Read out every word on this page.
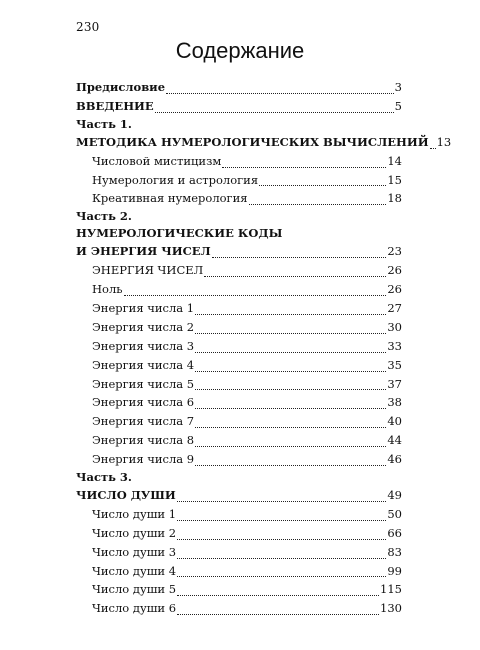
230
Содержание
Предисловие	3
ВВЕДЕНИЕ	5
Часть 1.
МЕТОДИКА НУМЕРОЛОГИЧЕСКИХ ВЫЧИСЛЕНИЙ 13
Числовой мистицизм	14
Нумерология и астрология	15
Креативная нумерология	18
Часть 2.
НУМЕРОЛОГИЧЕСКИЕ КОДЫ
И ЭНЕРГИЯ ЧИСЕЛ	23
ЭНЕРГИЯ ЧИСЕЛ	26
Ноль	26
Энергия числа 1	27
Энергия числа 2	30
Энергия числа 3	33
Энергия числа 4	35
Энергия числа 5	37
Энергия числа 6	38
Энергия числа 7	40
Энергия числа 8	44
Энергия числа 9	46
Часть 3.
ЧИСЛО ДУШИ	49
Число души 1	50
Число души 2	66
Число души 3	83
Число души 4	99
Число души 5	115
Число души 6	130
